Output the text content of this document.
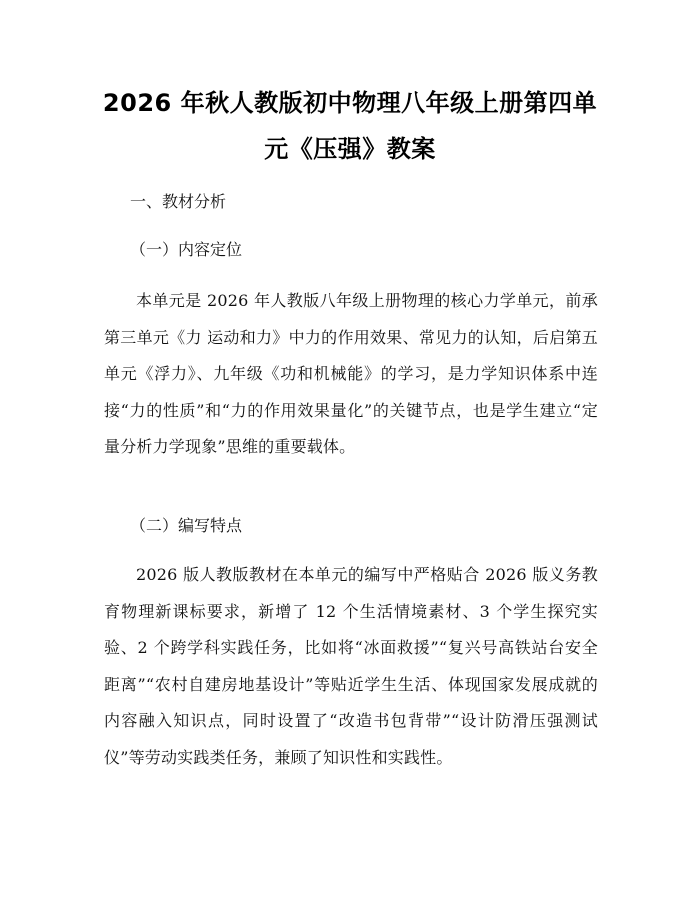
2026 年秋人教版初中物理八年级上册第四单
元《压强》教案

一、教材分析

（一）内容定位

本单元是 2026 年人教版八年级上册物理的核心力学单元，前承第三单元《力 运动和力》中力的作用效果、常见力的认知，后启第五单元《浮力》、九年级《功和机械能》的学习，是力学知识体系中连接“力的性质”和“力的作用效果量化”的关键节点，也是学生建立“定量分析力学现象”思维的重要载体。

（二）编写特点

2026 版人教版教材在本单元的编写中严格贴合 2026 版义务教育物理新课标要求，新增了 12 个生活情境素材、3 个学生探究实验、2 个跨学科实践任务，比如将“冰面救援”“复兴号高铁站台安全距离”“农村自建房地基设计”等贴近学生生活、体现国家发展成就的内容融入知识点，同时设置了“改造书包背带”“设计防滑压强测试仪”等劳动实践类任务，兼顾了知识性和实践性。
